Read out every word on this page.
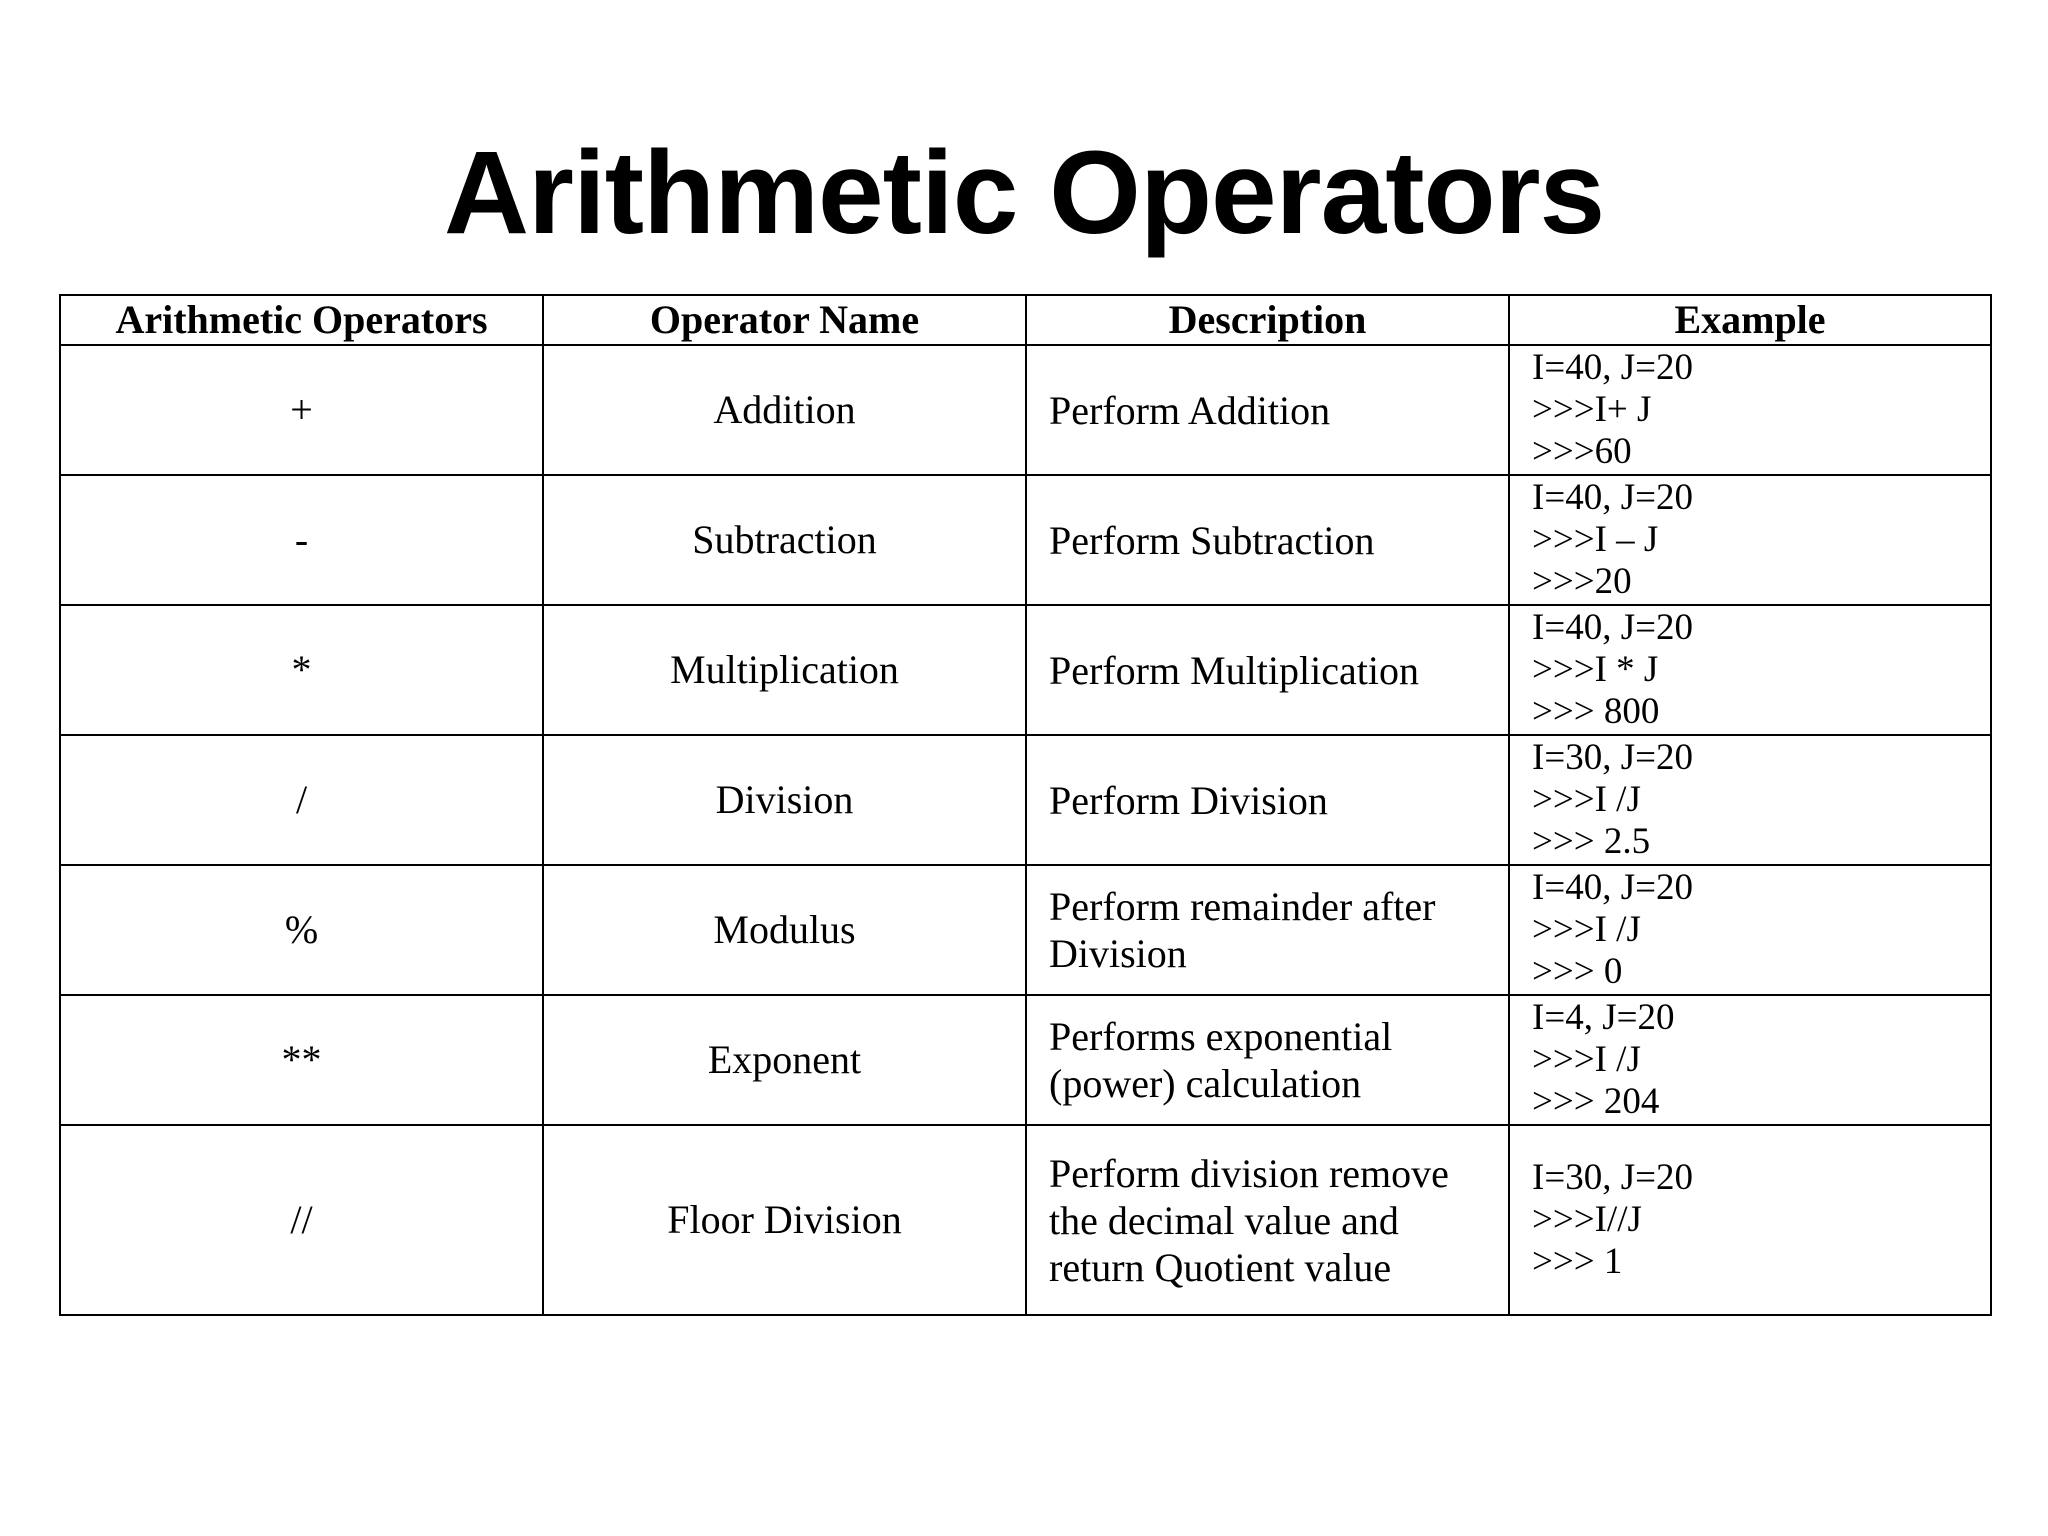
Arithmetic Operators
Arithmetic Operators	Operator Name	Description	Example
+	Addition	Perform Addition	I=40, J=20
>>>I+ J
>>>60

-	Subtraction	Perform Subtraction	I=40, J=20
>>>I – J
>>>20

*	Multiplication	Perform Multiplication	I=40, J=20
>>>I * J
>>> 800

/	Division	Perform Division	I=30, J=20
>>>I /J
>>> 2.5

%	Modulus	Perform remainder after Division	I=40, J=20
>>>I /J
>>> 0

**	Exponent	Performs exponential (power) calculation	I=4, J=20
>>>I /J
>>> 204

//	Floor Division	Perform division remove the decimal value and return Quotient value	I=30, J=20
>>>I//J
>>> 1
